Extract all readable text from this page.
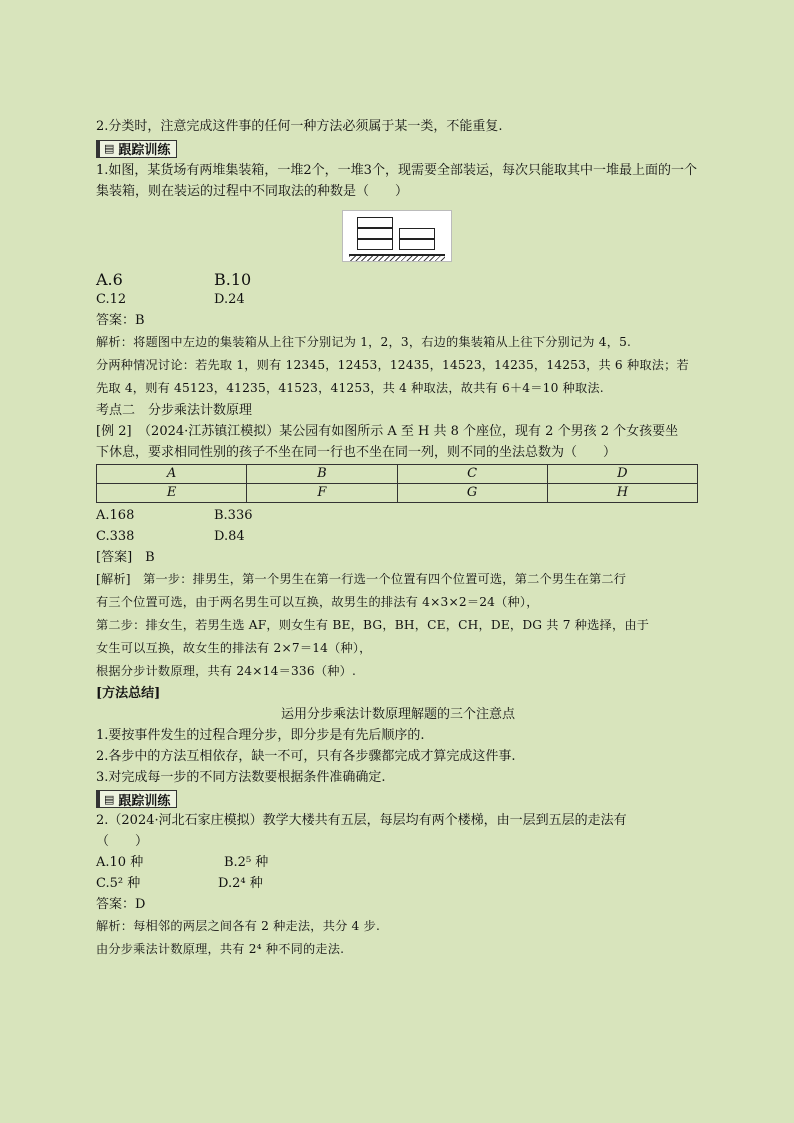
2.分类时，注意完成这件事的任何一种方法必须属于某一类，不能重复.

▤ 跟踪训练

1.如图，某货场有两堆集装箱，一堆2个，一堆3个，现需要全部装运，每次只能取其中一堆最上面的一个集装箱，则在装运的过程中不同取法的种数是（　　）

A.6	B.10
C.12	D.24

答案：B

解析：将题图中左边的集装箱从上往下分别记为 1，2，3，右边的集装箱从上往下分别记为 4，5.

分两种情况讨论：若先取 1，则有 12345，12453，12435，14523，14235，14253，共 6 种取法；若

先取 4，则有 45123，41235，41523，41253，共 4 种取法，故共有 6＋4＝10 种取法.

考点二　分步乘法计数原理

[例 2]　（2024·江苏镇江模拟）某公园有如图所示 A 至 H 共 8 个座位，现有 2 个男孩 2 个女孩要坐

下休息，要求相同性别的孩子不坐在同一行也不坐在同一列，则不同的坐法总数为（　　）

A	B	C	D
E	F	G	H
A.168	B.336
C.338	D.84

[答案]　B

[解析]　第一步：排男生，第一个男生在第一行选一个位置有四个位置可选，第二个男生在第二行

有三个位置可选，由于两名男生可以互换，故男生的排法有 4×3×2＝24（种），

第二步：排女生，若男生选 AF，则女生有 BE，BG，BH，CE，CH，DE，DG 共 7 种选择，由于

女生可以互换，故女生的排法有 2×7＝14（种），

根据分步计数原理，共有 24×14＝336（种）.

[方法总结]

运用分步乘法计数原理解题的三个注意点

1.要按事件发生的过程合理分步，即分步是有先后顺序的.

2.各步中的方法互相依存，缺一不可，只有各步骤都完成才算完成这件事.

3.对完成每一步的不同方法数要根据条件准确确定.

▤ 跟踪训练

2.（2024·河北石家庄模拟）教学大楼共有五层，每层均有两个楼梯，由一层到五层的走法有

（　　）

A.10 种	B.2⁵ 种
C.5² 种	D.2⁴ 种

答案：D

解析：每相邻的两层之间各有 2 种走法，共分 4 步.

由分步乘法计数原理，共有 2⁴ 种不同的走法.
